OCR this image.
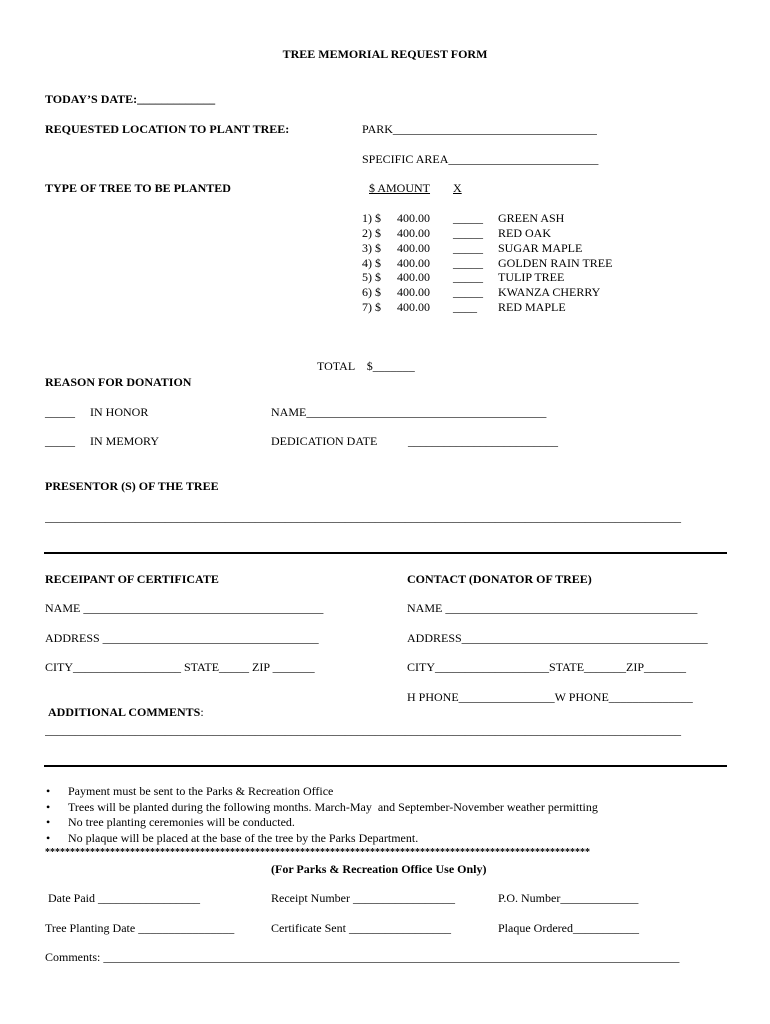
TREE MEMORIAL REQUEST FORM
TODAY’S DATE:_____________
REQUESTED LOCATION TO PLANT TREE:	PARK__________________________________
SPECIFIC AREA_________________________
TYPE OF TREE TO BE PLANTED	$ AMOUNT X
1) $ 400.00 _____ GREEN ASH
2) $ 400.00 _____ RED OAK
3) $ 400.00 _____ SUGAR MAPLE
4) $ 400.00 _____ GOLDEN RAIN TREE
5) $ 400.00 _____ TULIP TREE
6) $ 400.00 _____ KWANZA CHERRY
7) $ 400.00 ____ RED MAPLE
TOTAL    $_______
REASON FOR DONATION
_____ IN HONOR	NAME________________________________________
_____ IN MEMORY	DEDICATION DATE	_________________________
PRESENTOR (S) OF THE TREE
__________________________________________________________________________________________________________
RECEIPANT OF CERTIFICATE
NAME ________________________________________
ADDRESS ____________________________________
CITY__________________ STATE_____ ZIP _______
CONTACT (DONATOR OF TREE)
NAME __________________________________________
ADDRESS_________________________________________
CITY___________________STATE_______ZIP_______
H PHONE________________W PHONE______________
ADDITIONAL COMMENTS:
__________________________________________________________________________________________________________
• Payment must be sent to the Parks & Recreation Office
• Trees will be planted during the following months. March-May  and September-November weather permitting
• No tree planting ceremonies will be conducted.
• No plaque will be placed at the base of the tree by the Parks Department.
*************************************************************************************************************
(For Parks & Recreation Office Use Only)
Date Paid _________________	Receipt Number _________________	P.O. Number_____________
Tree Planting Date ________________	Certificate Sent _________________	Plaque Ordered___________
Comments: ________________________________________________________________________________________________
